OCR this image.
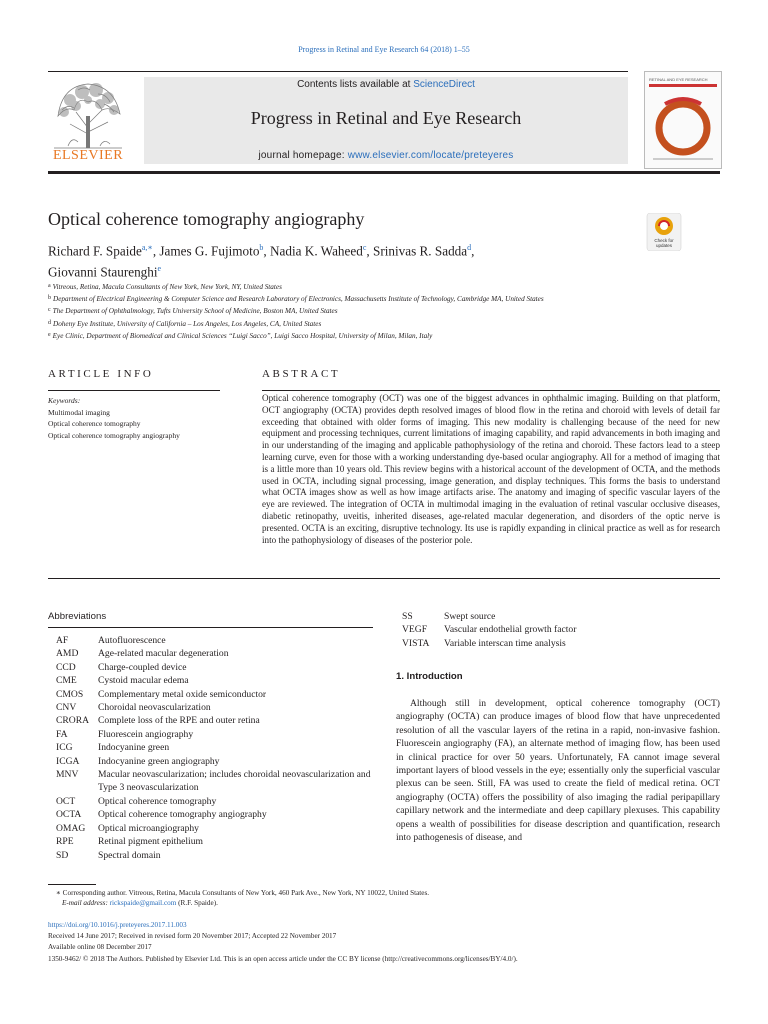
Progress in Retinal and Eye Research 64 (2018) 1–55
ELSEVIER
Contents lists available at ScienceDirect
Progress in Retinal and Eye Research
journal homepage: www.elsevier.com/locate/preteyeres
RETINAL AND EYE RESEARCH
Optical coherence tomography angiography
Check for
updates
Richard F. Spaide$^{a,∗}$, James G. Fujimoto$^b$, Nadia K. Waheed$^c$, Srinivas R. Sadda$^d$,
Giovanni Staurenghi$^e$
$^a$ Vitreous, Retina, Macula Consultants of New York, New York, NY, United States
$^b$ Department of Electrical Engineering & Computer Science and Research Laboratory of Electronics, Massachusetts Institute of Technology, Cambridge MA, United States
$^c$ The Department of Ophthalmology, Tufts University School of Medicine, Boston MA, United States
$^d$ Doheny Eye Institute, University of California – Los Angeles, Los Angeles, CA, United States
$^e$ Eye Clinic, Department of Biomedical and Clinical Sciences “Luigi Sacco”, Luigi Sacco Hospital, University of Milan, Milan, Italy
ARTICLE INFO
Keywords:
Multimodal imaging
Optical coherence tomography
Optical coherence tomography angiography
ABSTRACT
Optical coherence tomography (OCT) was one of the biggest advances in ophthalmic imaging. Building on that platform, OCT angiography (OCTA) provides depth resolved images of blood flow in the retina and choroid with levels of detail far exceeding that obtained with older forms of imaging. This new modality is challenging because of the need for new equipment and processing techniques, current limitations of imaging capability, and rapid advancements in both imaging and in our understanding of the imaging and applicable pathophysiology of the retina and choroid. These factors lead to a steep learning curve, even for those with a working understanding dye-based ocular angiography. All for a method of imaging that is a little more than 10 years old. This review begins with a historical account of the development of OCTA, and the methods used in OCTA, including signal processing, image generation, and display techniques. This forms the basis to understand what OCTA images show as well as how image artifacts arise. The anatomy and imaging of specific vascular layers of the eye are reviewed. The integration of OCTA in multimodal imaging in the evaluation of retinal vascular occlusive diseases, diabetic retinopathy, uveitis, inherited diseases, age-related macular degeneration, and disorders of the optic nerve is presented. OCTA is an exciting, disruptive technology. Its use is rapidly expanding in clinical practice as well as for research into the pathophysiology of diseases of the posterior pole.
Abbreviations
AF	Autofluorescence
AMD	Age-related macular degeneration
CCD	Charge-coupled device
CME	Cystoid macular edema
CMOS	Complementary metal oxide semiconductor
CNV	Choroidal neovascularization
CRORA Complete loss of the RPE and outer retina
FA	Fluorescein angiography
ICG	Indocyanine green
ICGA	Indocyanine green angiography
MNV	Macular neovascularization; includes choroidal neovascularization and Type 3 neovascularization
OCT	Optical coherence tomography
OCTA	Optical coherence tomography angiography
OMAG	Optical microangiography
RPE	Retinal pigment epithelium
SD	Spectral domain
SS	Swept source
VEGF	Vascular endothelial growth factor
VISTA	Variable interscan time analysis
1. Introduction
Although still in development, optical coherence tomography (OCT) angiography (OCTA) can produce images of blood flow that have unprecedented resolution of all the vascular layers of the retina in a rapid, non-invasive fashion. Fluorescein angiography (FA), an alternate method of imaging flow, has been used in clinical practice for over 50 years. Unfortunately, FA cannot image several important layers of blood vessels in the eye; essentially only the superficial vascular plexus can be seen. Still, FA was used to create the field of medical retina. OCT angiography (OCTA) offers the possibility of also imaging the radial peripapillary capillary network and the intermediate and deep capillary plexuses. This capability opens a wealth of possibilities for disease description and quantification, research into pathogenesis of disease, and
∗ Corresponding author. Vitreous, Retina, Macula Consultants of New York, 460 Park Ave., New York, NY 10022, United States.
E-mail address: rickspaide@gmail.com (R.F. Spaide).
https://doi.org/10.1016/j.preteyeres.2017.11.003
Received 14 June 2017; Received in revised form 20 November 2017; Accepted 22 November 2017
Available online 08 December 2017
1350-9462/ © 2018 The Authors. Published by Elsevier Ltd. This is an open access article under the CC BY license (http://creativecommons.org/licenses/BY/4.0/).
